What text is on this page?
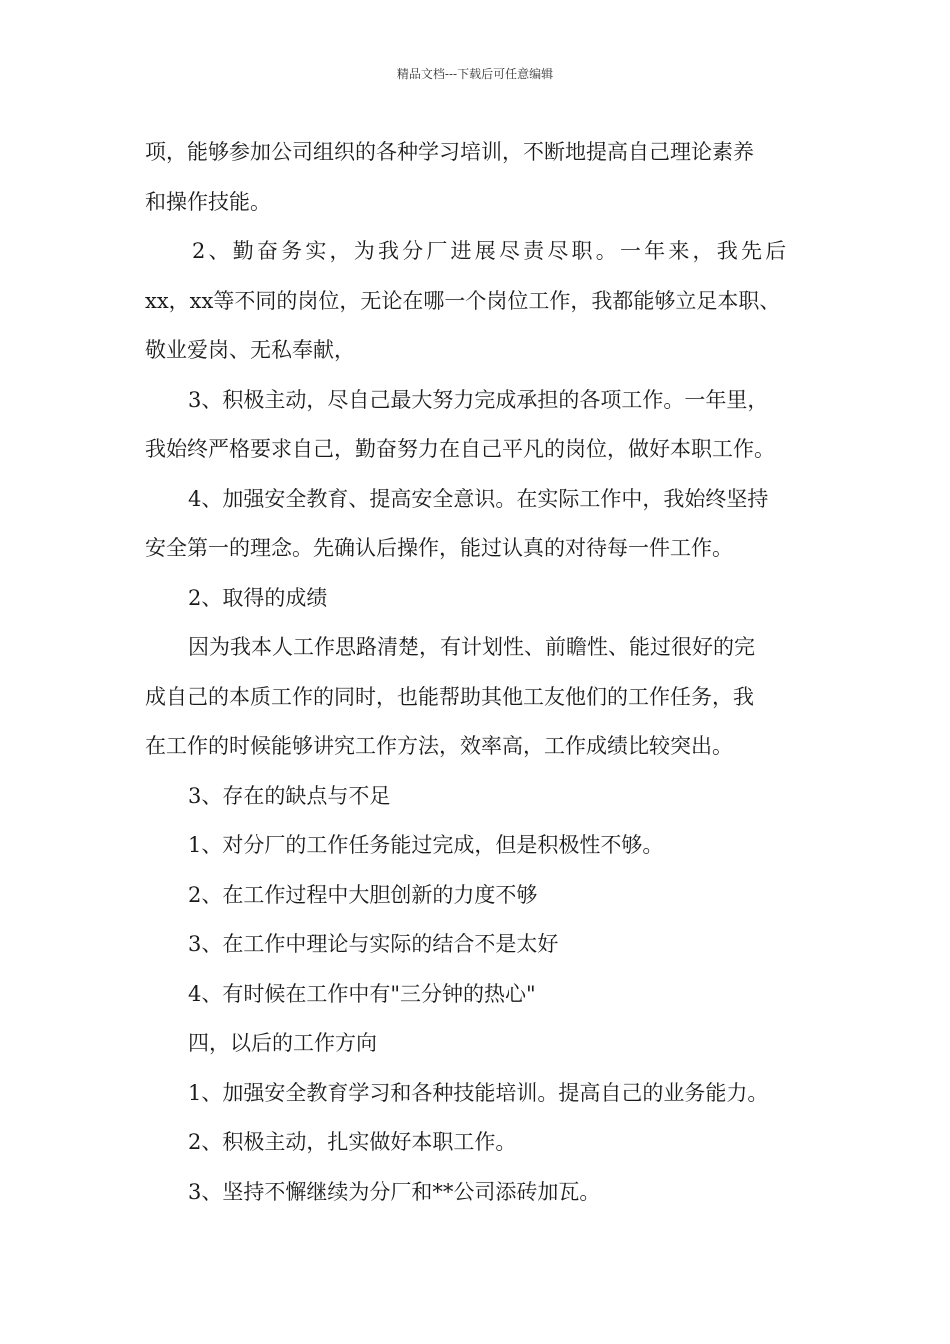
精品文档---下载后可任意编辑
项，能够参加公司组织的各种学习培训，不断地提高自己理论素养
和操作技能。
2、勤奋务实，为我分厂进展尽责尽职。一年来，我先后
xx，xx等不同的岗位，无论在哪一个岗位工作，我都能够立足本职、
敬业爱岗、无私奉献，
3、积极主动，尽自己最大努力完成承担的各项工作。一年里，
我始终严格要求自己，勤奋努力在自己平凡的岗位，做好本职工作。
4、加强安全教育、提高安全意识。在实际工作中，我始终坚持
安全第一的理念。先确认后操作，能过认真的对待每一件工作。
2、取得的成绩
因为我本人工作思路清楚，有计划性、前瞻性、能过很好的完
成自己的本质工作的同时，也能帮助其他工友他们的工作任务，我
在工作的时候能够讲究工作方法，效率高，工作成绩比较突出。
3、存在的缺点与不足
1、对分厂的工作任务能过完成，但是积极性不够。
2、在工作过程中大胆创新的力度不够
3、在工作中理论与实际的结合不是太好
4、有时候在工作中有"三分钟的热心"
四，以后的工作方向
1、加强安全教育学习和各种技能培训。提高自己的业务能力。
2、积极主动，扎实做好本职工作。
3、坚持不懈继续为分厂和**公司添砖加瓦。
